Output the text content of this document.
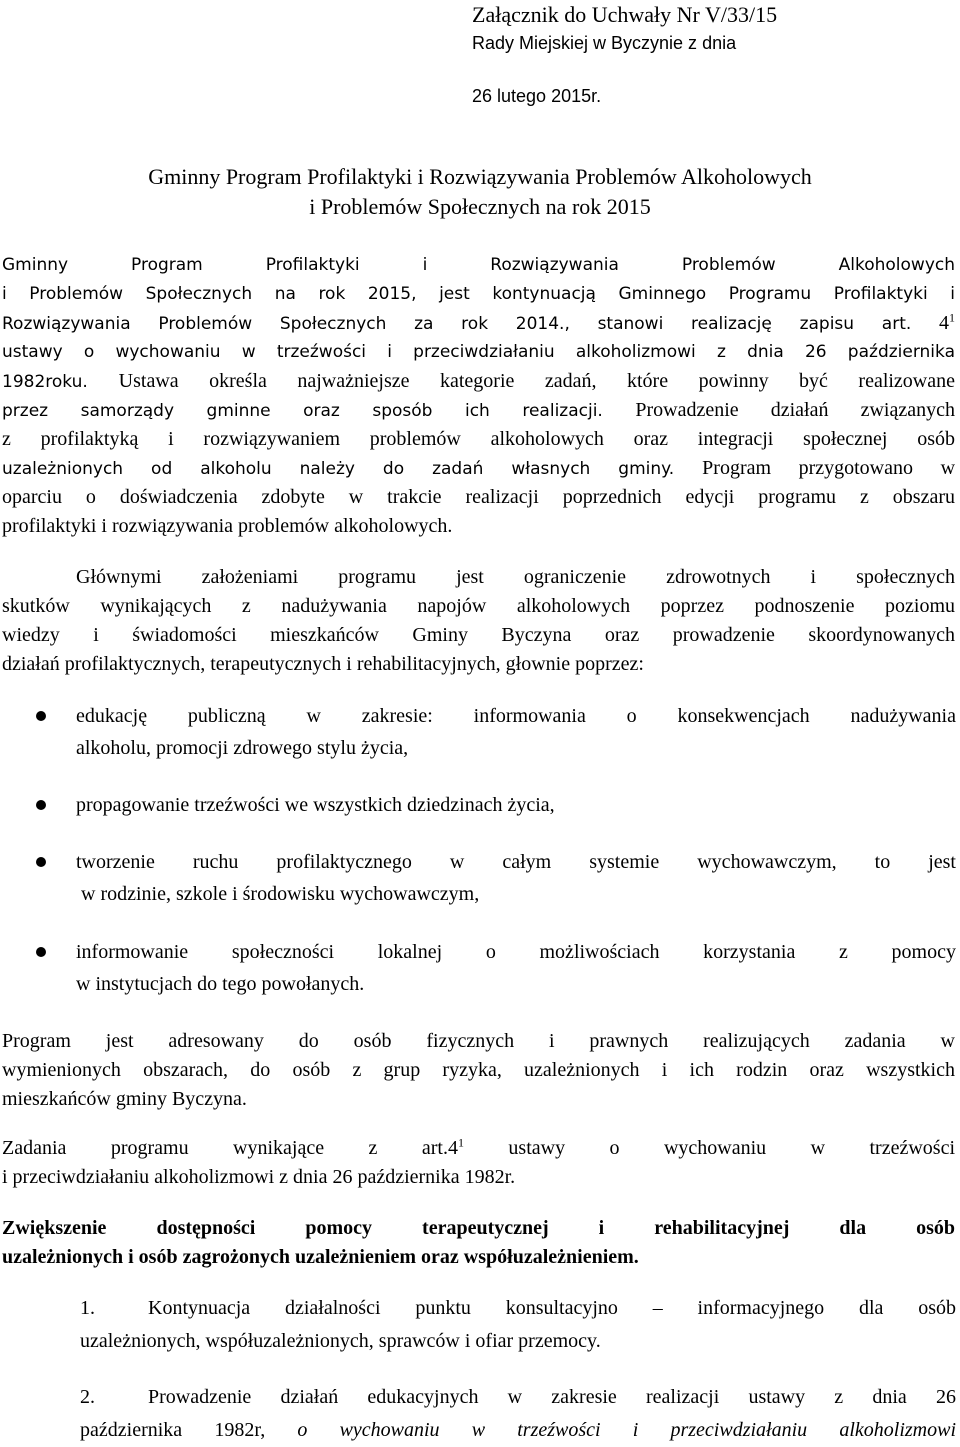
Załącznik do Uchwały Nr V/33/15
Rady Miejskiej w Byczynie z dnia
26 lutego 2015r.
Gminny Program Profilaktyki i Rozwiązywania Problemów Alkoholowych
i Problemów Społecznych na rok 2015
Gminny Program Profilaktyki i Rozwiązywania Problemów Alkoholowych
i Problemów Społecznych na rok 2015, jest kontynuacją Gminnego Programu Profilaktyki i
Rozwiązywania Problemów Społecznych za rok 2014., stanowi realizację zapisu art. $4^1$
ustawy o wychowaniu w trzeźwości i przeciwdziałaniu alkoholizmowi z dnia 26 października
1982roku. Ustawa określa najważniejsze kategorie zadań, które powinny być realizowane
przez samorządy gminne oraz sposób ich realizacji. Prowadzenie działań związanych
z profilaktyką i rozwiązywaniem problemów alkoholowych oraz integracji społecznej osób
uzależnionych od alkoholu należy do zadań własnych gminy. Program przygotowano w
oparciu o doświadczenia zdobyte w trakcie realizacji poprzednich edycji programu z obszaru
profilaktyki i rozwiązywania problemów alkoholowych.
Głównymi założeniami programu jest ograniczenie zdrowotnych i społecznych
skutków wynikających z nadużywania napojów alkoholowych poprzez podnoszenie poziomu
wiedzy i świadomości mieszkańców Gminy Byczyna oraz prowadzenie skoordynowanych
działań profilaktycznych, terapeutycznych i rehabilitacyjnych, głownie poprzez:
edukację publiczną w zakresie: informowania o konsekwencjach nadużywania
alkoholu, promocji zdrowego stylu życia,
propagowanie trzeźwości we wszystkich dziedzinach życia,
tworzenie ruchu profilaktycznego w całym systemie wychowawczym, to jest
w rodzinie, szkole i środowisku wychowawczym,
informowanie społeczności lokalnej o możliwościach korzystania z pomocy
w instytucjach do tego powołanych.
Program jest adresowany do osób fizycznych i prawnych realizujących zadania w
wymienionych obszarach, do osób z grup ryzyka, uzależnionych i ich rodzin oraz wszystkich
mieszkańców gminy Byczyna.
Zadania programu wynikające z $art.4^1$ ustawy o wychowaniu w trzeźwości
i przeciwdziałaniu alkoholizmowi z dnia 26 października 1982r.
Zwiększenie dostępności pomocy terapeutycznej i rehabilitacyjnej dla osób
uzależnionych i osób zagrożonych uzależnieniem oraz współuzależnieniem.
1.	Kontynuacja działalności punktu konsultacyjno – informacyjnego dla osób
uzależnionych, współuzależnionych, sprawców i ofiar przemocy.
2.	Prowadzenie działań edukacyjnych w zakresie realizacji ustawy z dnia 26
października 1982r, o wychowaniu w trzeźwości i przeciwdziałaniu alkoholizmowi
